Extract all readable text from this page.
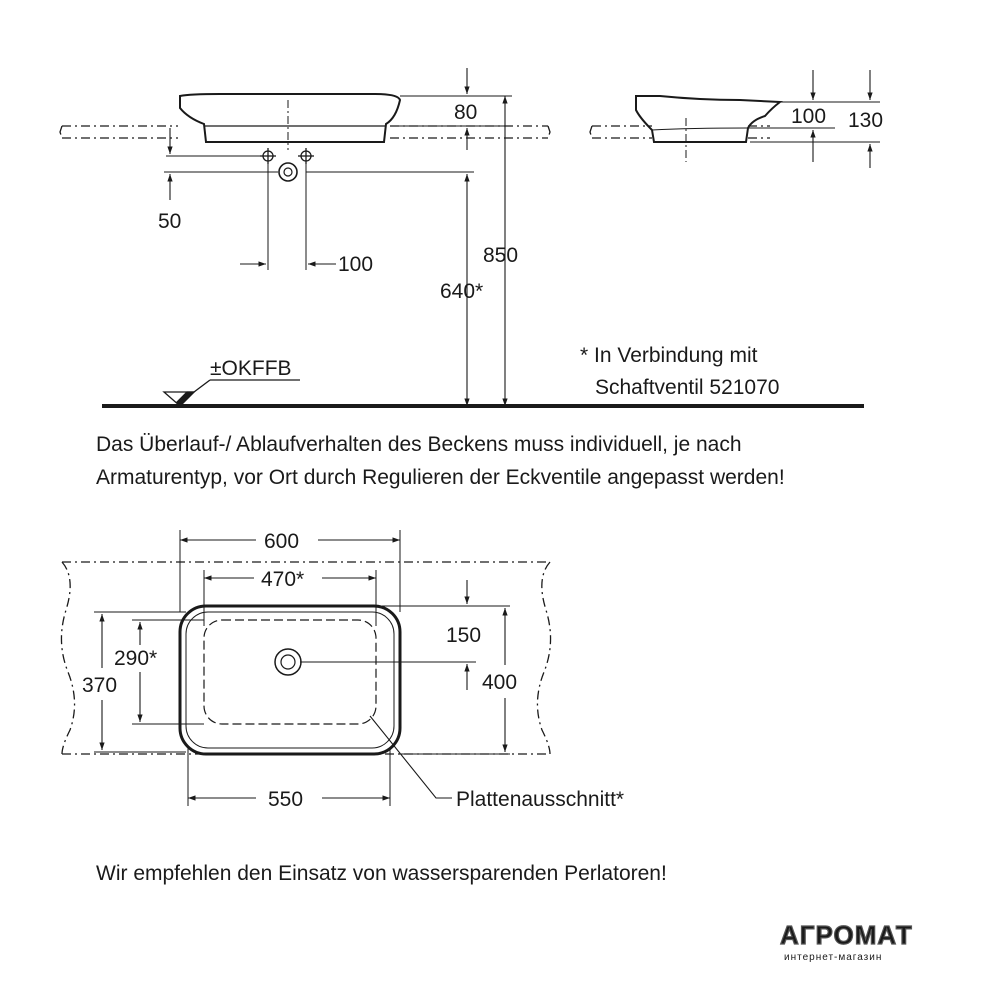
80
850
640*
50
100
±OKFFB
* In Verbindung mit
Schaftventil 521070
100 130
Das Überlauf-/ Ablaufverhalten des Beckens muss individuell, je nach
Armaturentyp, vor Ort durch Regulieren der Eckventile angepasst werden!
600
470*
150
400
290*
370
550	Plattenausschnitt*
Wir empfehlen den Einsatz von wassersparenden Perlatoren!
АГРОМАТ
интернет-магазин
